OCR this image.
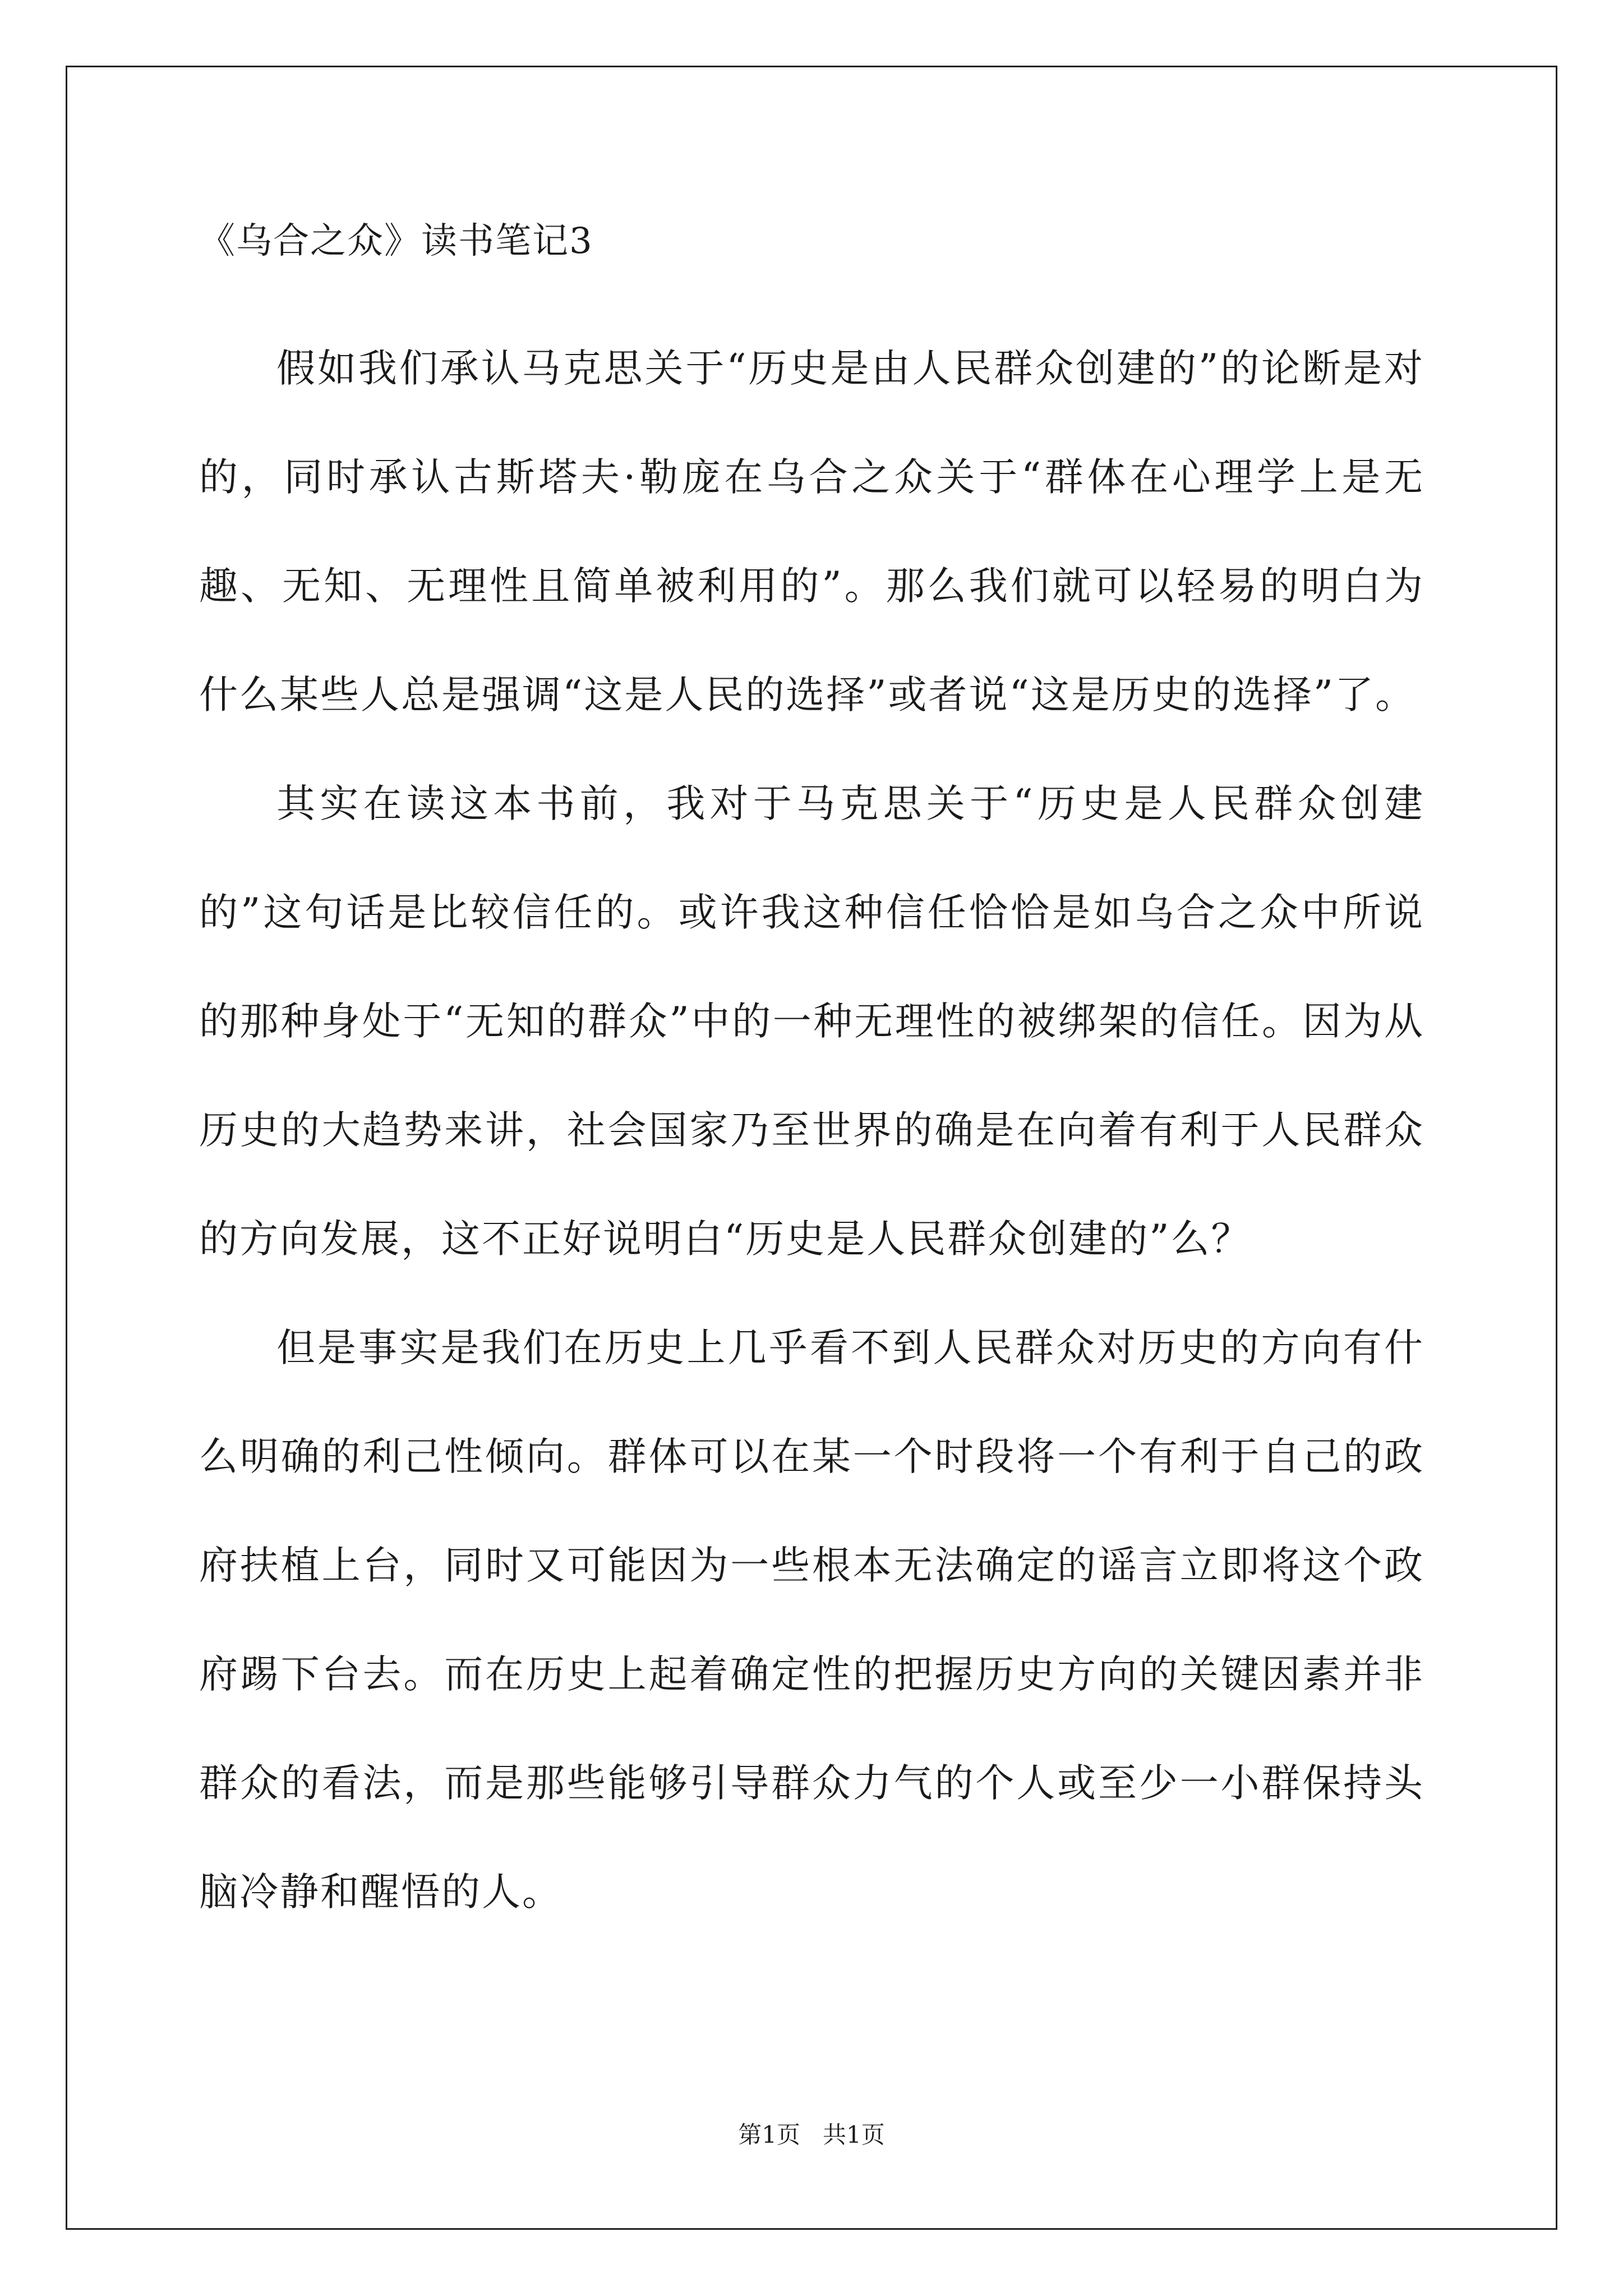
《乌合之众》读书笔记3

假如我们承认马克思关于“历史是由人民群众创建的”的论断是对的，同时承认古斯塔夫·勒庞在乌合之众关于“群体在心理学上是无趣、无知、无理性且简单被利用的”。那么我们就可以轻易的明白为什么某些人总是强调“这是人民的选择”或者说“这是历史的选择”了。

其实在读这本书前，我对于马克思关于“历史是人民群众创建的”这句话是比较信任的。或许我这种信任恰恰是如乌合之众中所说的那种身处于“无知的群众”中的一种无理性的被绑架的信任。因为从历史的大趋势来讲，社会国家乃至世界的确是在向着有利于人民群众的方向发展，这不正好说明白“历史是人民群众创建的”么？

但是事实是我们在历史上几乎看不到人民群众对历史的方向有什么明确的利己性倾向。群体可以在某一个时段将一个有利于自己的政府扶植上台，同时又可能因为一些根本无法确定的谣言立即将这个政府踢下台去。而在历史上起着确定性的把握历史方向的关键因素并非群众的看法，而是那些能够引导群众力气的个人或至少一小群保持头脑冷静和醒悟的人。

第1页 共1页
